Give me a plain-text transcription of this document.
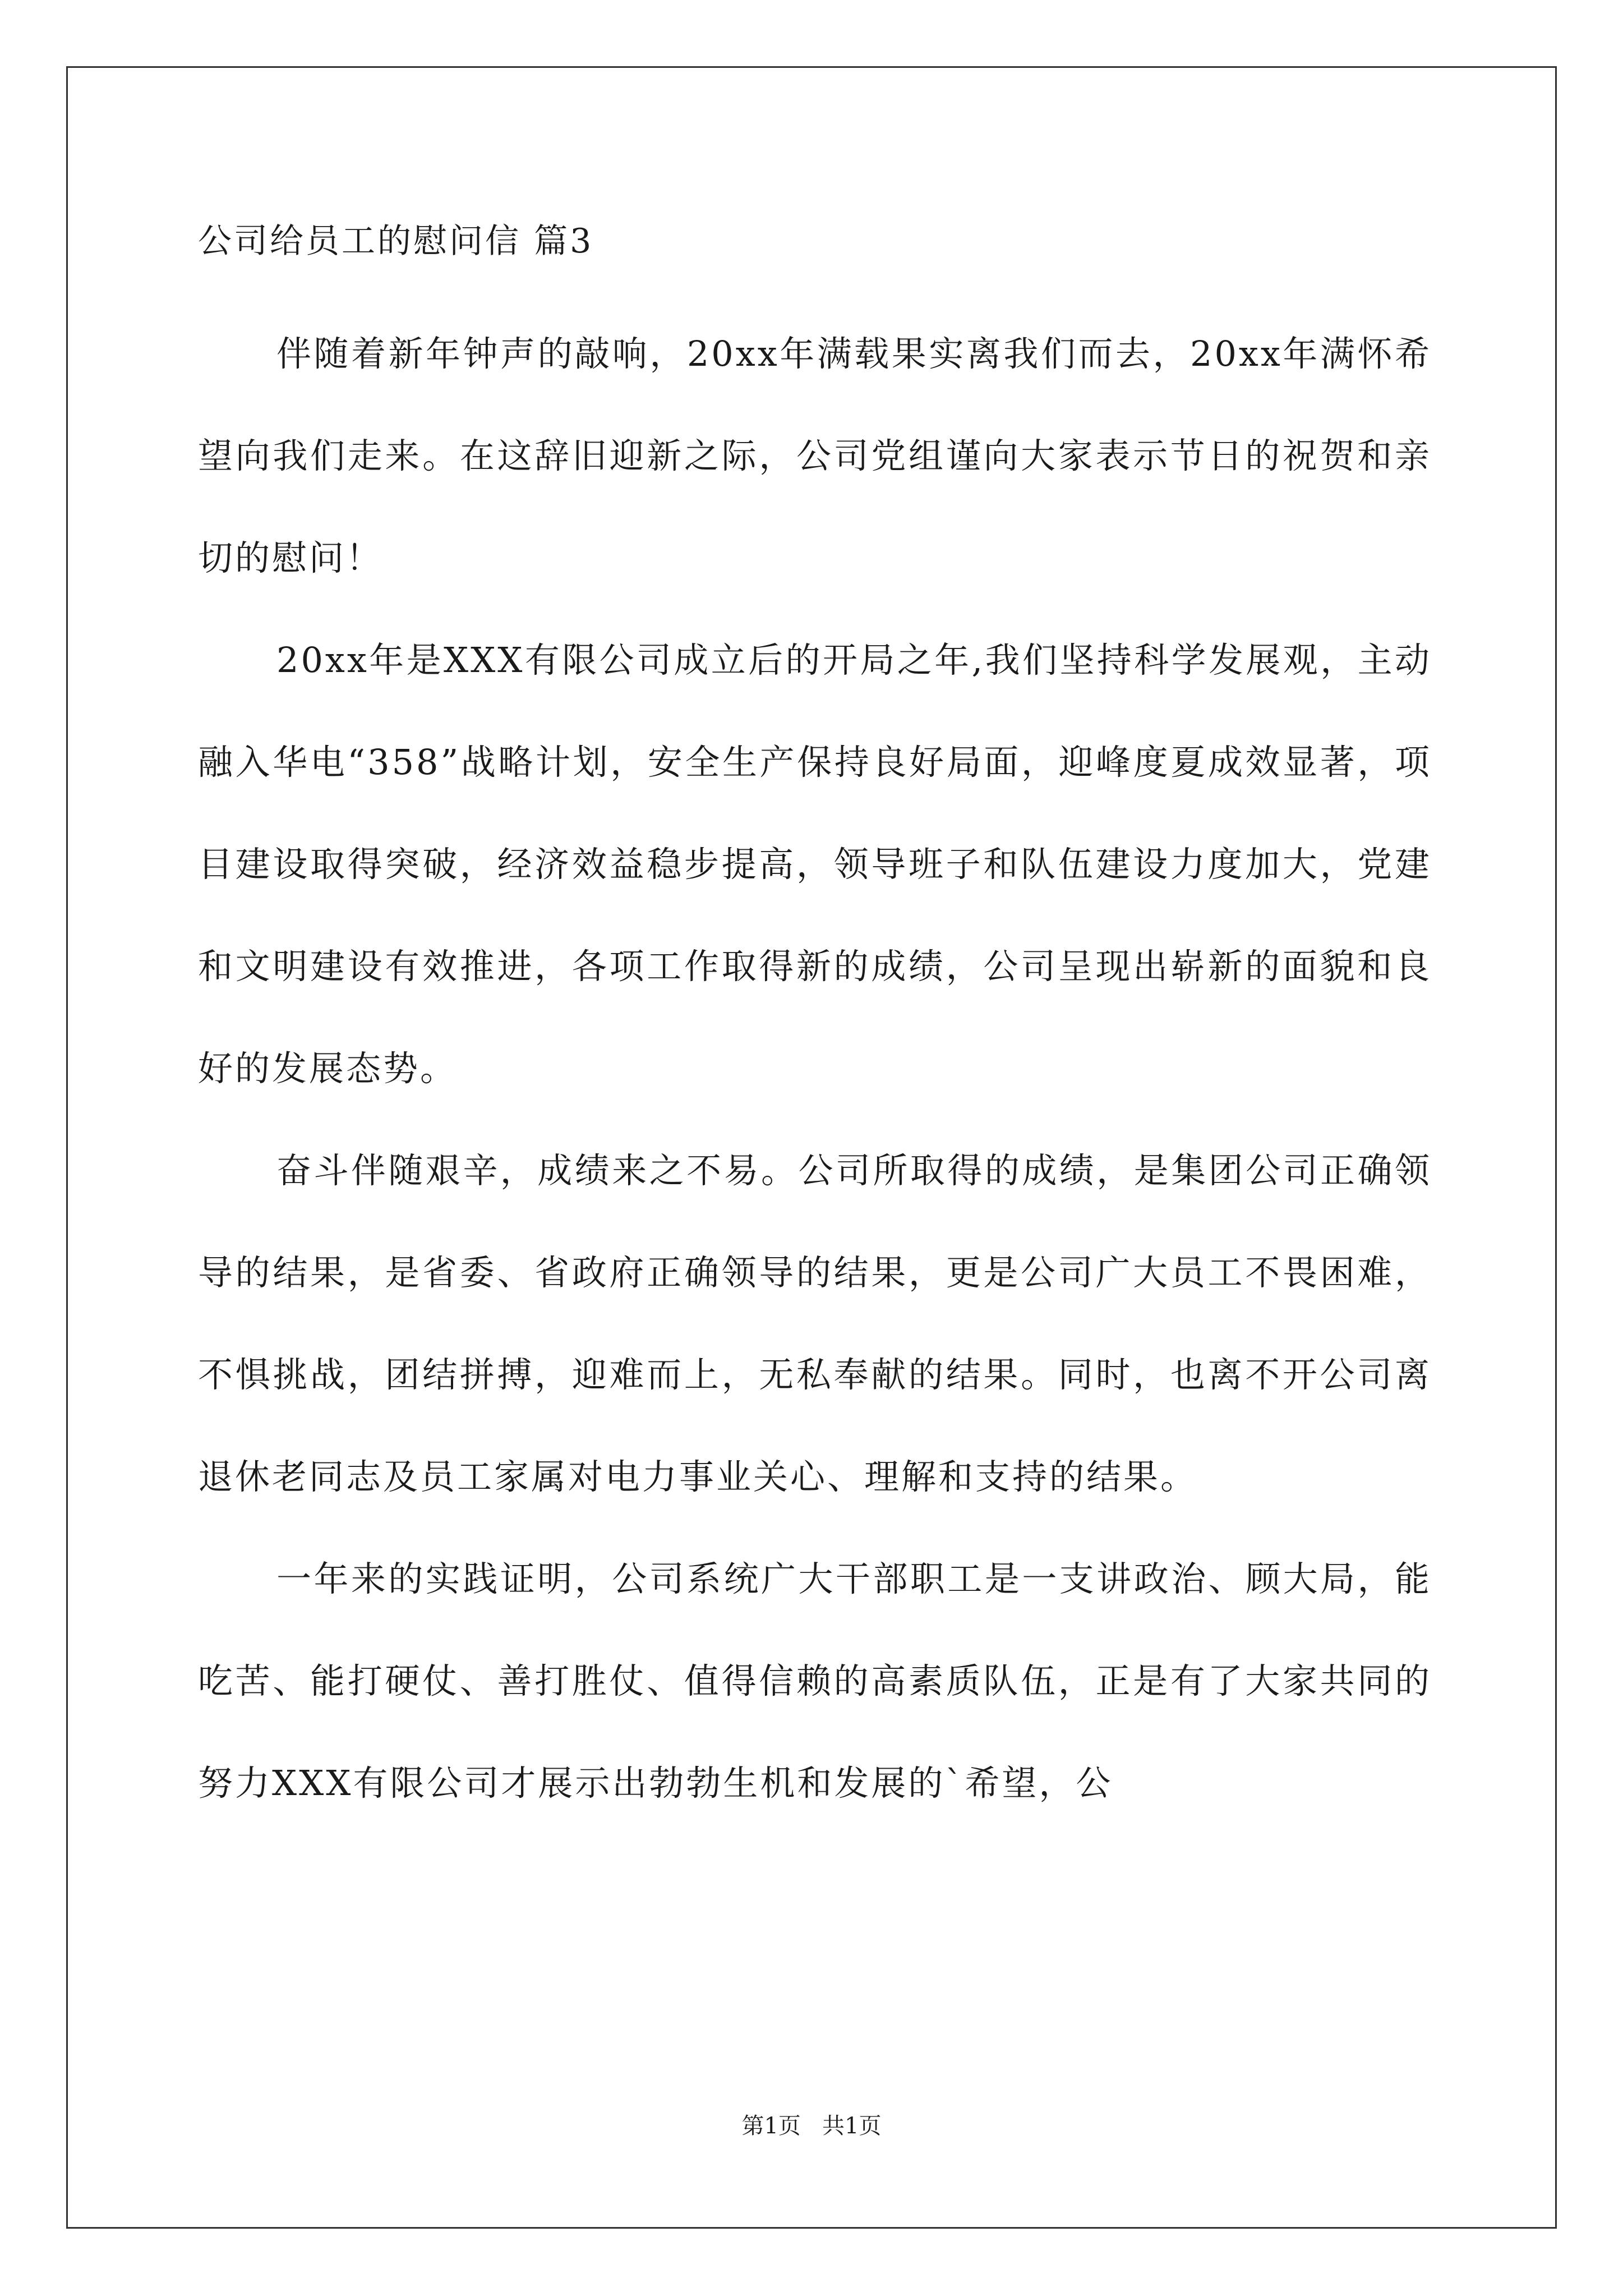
公司给员工的慰问信 篇3

伴随着新年钟声的敲响，20xx年满载果实离我们而去，20xx年满怀希望向我们走来。在这辞旧迎新之际，公司党组谨向大家表示节日的祝贺和亲切的慰问！

20xx年是XXX有限公司成立后的开局之年,我们坚持科学发展观，主动融入华电“358”战略计划，安全生产保持良好局面，迎峰度夏成效显著，项目建设取得突破，经济效益稳步提高，领导班子和队伍建设力度加大，党建和文明建设有效推进，各项工作取得新的成绩，公司呈现出崭新的面貌和良好的发展态势。

奋斗伴随艰辛，成绩来之不易。公司所取得的成绩，是集团公司正确领导的结果，是省委、省政府正确领导的结果，更是公司广大员工不畏困难，不惧挑战，团结拼搏，迎难而上，无私奉献的结果。同时，也离不开公司离退休老同志及员工家属对电力事业关心、理解和支持的结果。

一年来的实践证明，公司系统广大干部职工是一支讲政治、顾大局，能吃苦、能打硬仗、善打胜仗、值得信赖的高素质队伍，正是有了大家共同的努力XXX有限公司才展示出勃勃生机和发展的`希望，公

第1页   共1页
